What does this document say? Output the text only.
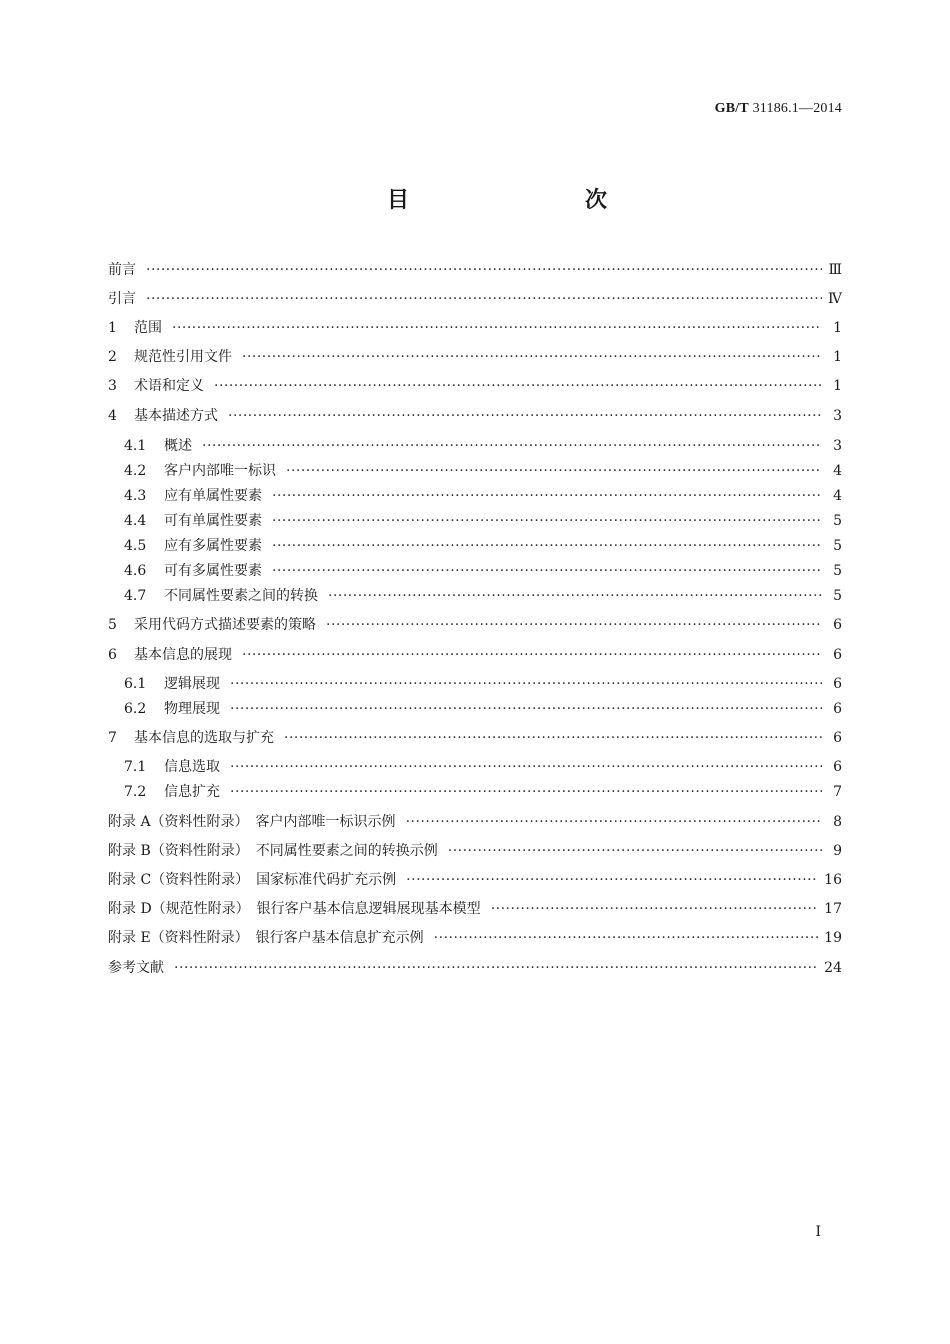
GB/T 31186.1—2014
目　　次
前言 ·····	Ⅲ
引言 ·····	Ⅳ
1	范围 ·····	1
2	规范性引用文件 ·····	1
3	术语和定义 ·····	1
4	基本描述方式 ·····	3
4.1	概述 ·····	3
4.2	客户内部唯一标识 ·····	4
4.3	应有单属性要素 ·····	4
4.4	可有单属性要素 ·····	5
4.5	应有多属性要素 ·····	5
4.6	可有多属性要素 ·····	5
4.7	不同属性要素之间的转换 ·····	5
5	采用代码方式描述要素的策略 ·····	6
6	基本信息的展现 ·····	6
6.1	逻辑展现 ·····	6
6.2	物理展现 ·····	6
7	基本信息的选取与扩充 ·····	6
7.1	信息选取 ·····	6
7.2	信息扩充 ·····	7
附录 A（资料性附录）　客户内部唯一标识示例 ·····	8
附录 B（资料性附录）　不同属性要素之间的转换示例 ·····	9
附录 C（资料性附录）　国家标准代码扩充示例 ·····	16
附录 D（规范性附录）　银行客户基本信息逻辑展现基本模型 ·····	17
附录 E（资料性附录）　银行客户基本信息扩充示例 ·····	19
参考文献 ·····	24
Ⅰ
